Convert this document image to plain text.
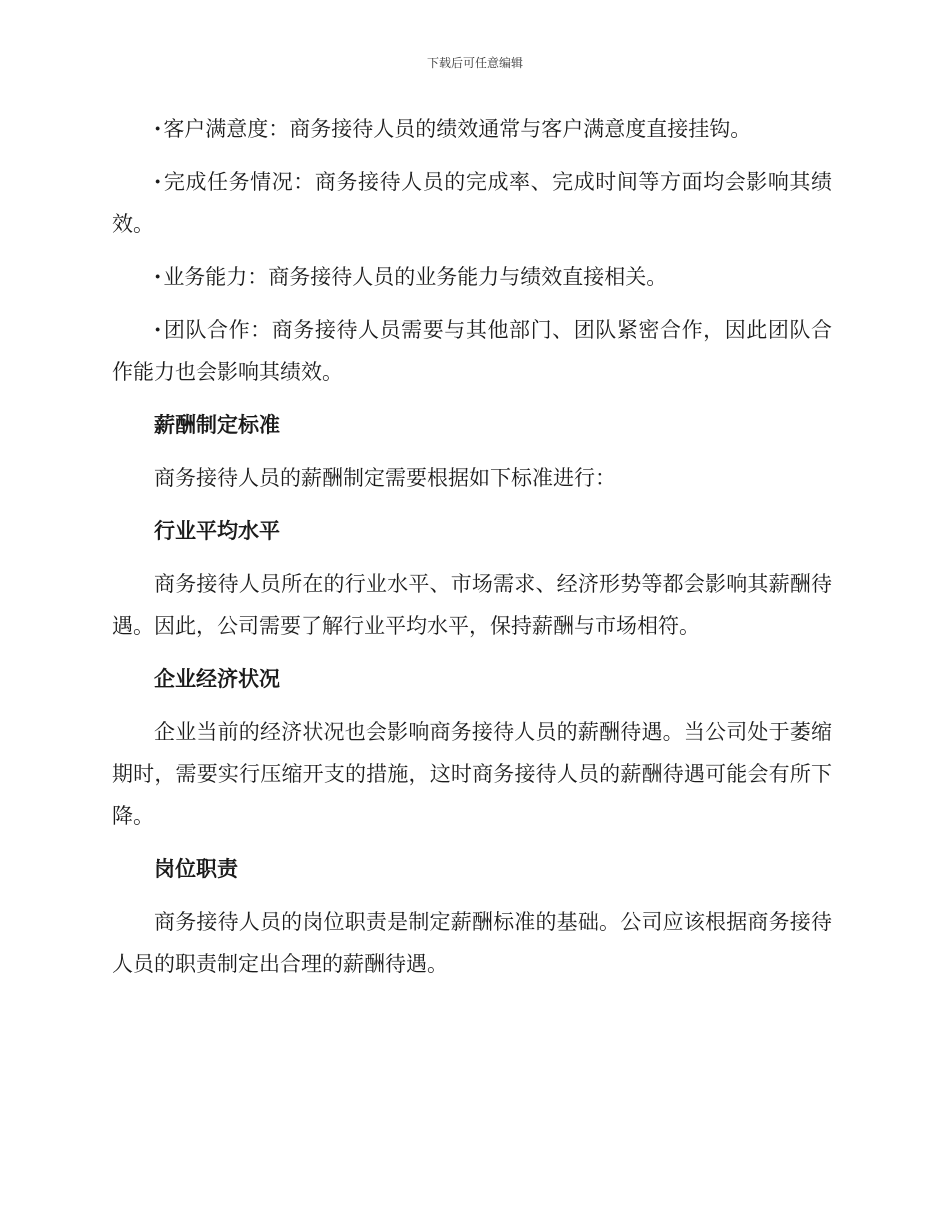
下载后可任意编辑

·客户满意度：商务接待人员的绩效通常与客户满意度直接挂钩。

·完成任务情况：商务接待人员的完成率、完成时间等方面均会影响其绩效。

·业务能力：商务接待人员的业务能力与绩效直接相关。

·团队合作：商务接待人员需要与其他部门、团队紧密合作，因此团队合作能力也会影响其绩效。

薪酬制定标准

商务接待人员的薪酬制定需要根据如下标准进行：

行业平均水平

商务接待人员所在的行业水平、市场需求、经济形势等都会影响其薪酬待遇。因此，公司需要了解行业平均水平，保持薪酬与市场相符。

企业经济状况

企业当前的经济状况也会影响商务接待人员的薪酬待遇。当公司处于萎缩期时，需要实行压缩开支的措施，这时商务接待人员的薪酬待遇可能会有所下降。

岗位职责

商务接待人员的岗位职责是制定薪酬标准的基础。公司应该根据商务接待人员的职责制定出合理的薪酬待遇。
